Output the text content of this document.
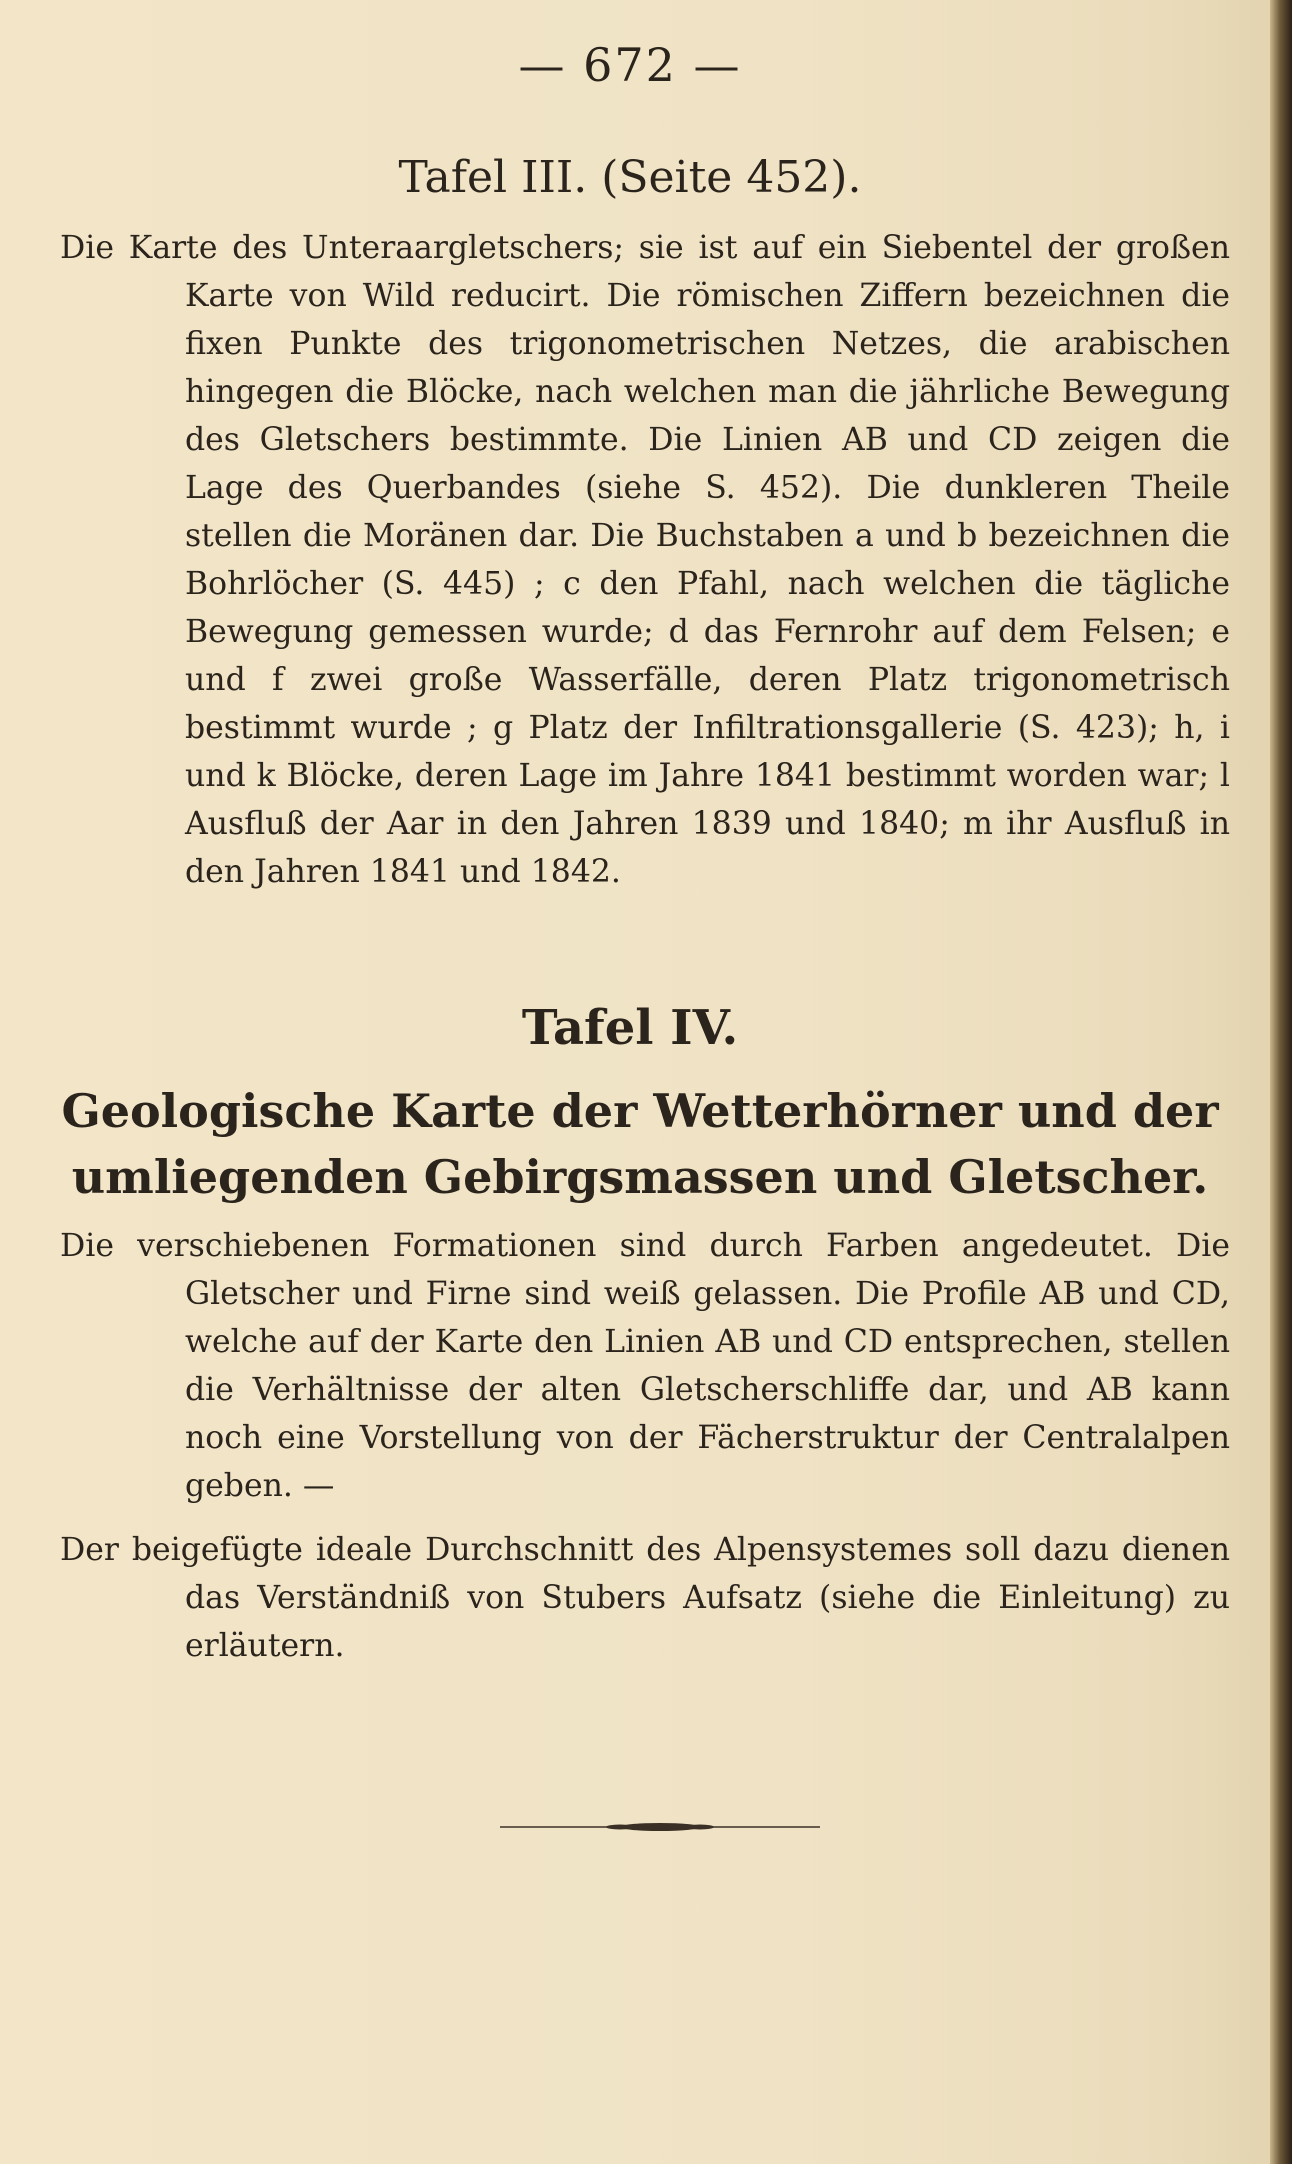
— 672 —
Tafel III. (Seite 452).

Die Karte des Unteraargletschers; sie ist auf ein Siebentel der großen Karte von Wild reducirt. Die römischen Ziffern bezeichnen die fixen Punkte des trigonometrischen Netzes, die arabischen hingegen die Blöcke, nach welchen man die jährliche Bewegung des Gletschers bestimmte. Die Linien AB und CD zeigen die Lage des Querbandes (siehe S. 452). Die dunkleren Theile stellen die Moränen dar. Die Buchstaben a und b bezeichnen die Bohrlöcher (S. 445) ; c den Pfahl, nach welchen die tägliche Bewegung gemessen wurde; d das Fernrohr auf dem Felsen; e und f zwei große Wasserfälle, deren Platz trigonometrisch bestimmt wurde ; g Platz der Infiltrationsgallerie (S. 423); h, i und k Blöcke, deren Lage im Jahre 1841 bestimmt worden war; l Ausfluß der Aar in den Jahren 1839 und 1840; m ihr Ausfluß in den Jahren 1841 und 1842.

Tafel IV.
Geologische Karte der Wetterhörner und der umliegenden Gebirgsmassen und Gletscher.

Die verschiebenen Formationen sind durch Farben angedeutet. Die Gletscher und Firne sind weiß gelassen. Die Profile AB und CD, welche auf der Karte den Linien AB und CD entsprechen, stellen die Verhältnisse der alten Gletscherschliffe dar, und AB kann noch eine Vorstellung von der Fächerstruktur der Centralalpen geben. —

Der beigefügte ideale Durchschnitt des Alpensystemes soll dazu dienen das Verständniß von Stubers Aufsatz (siehe die Einleitung) zu erläutern.
